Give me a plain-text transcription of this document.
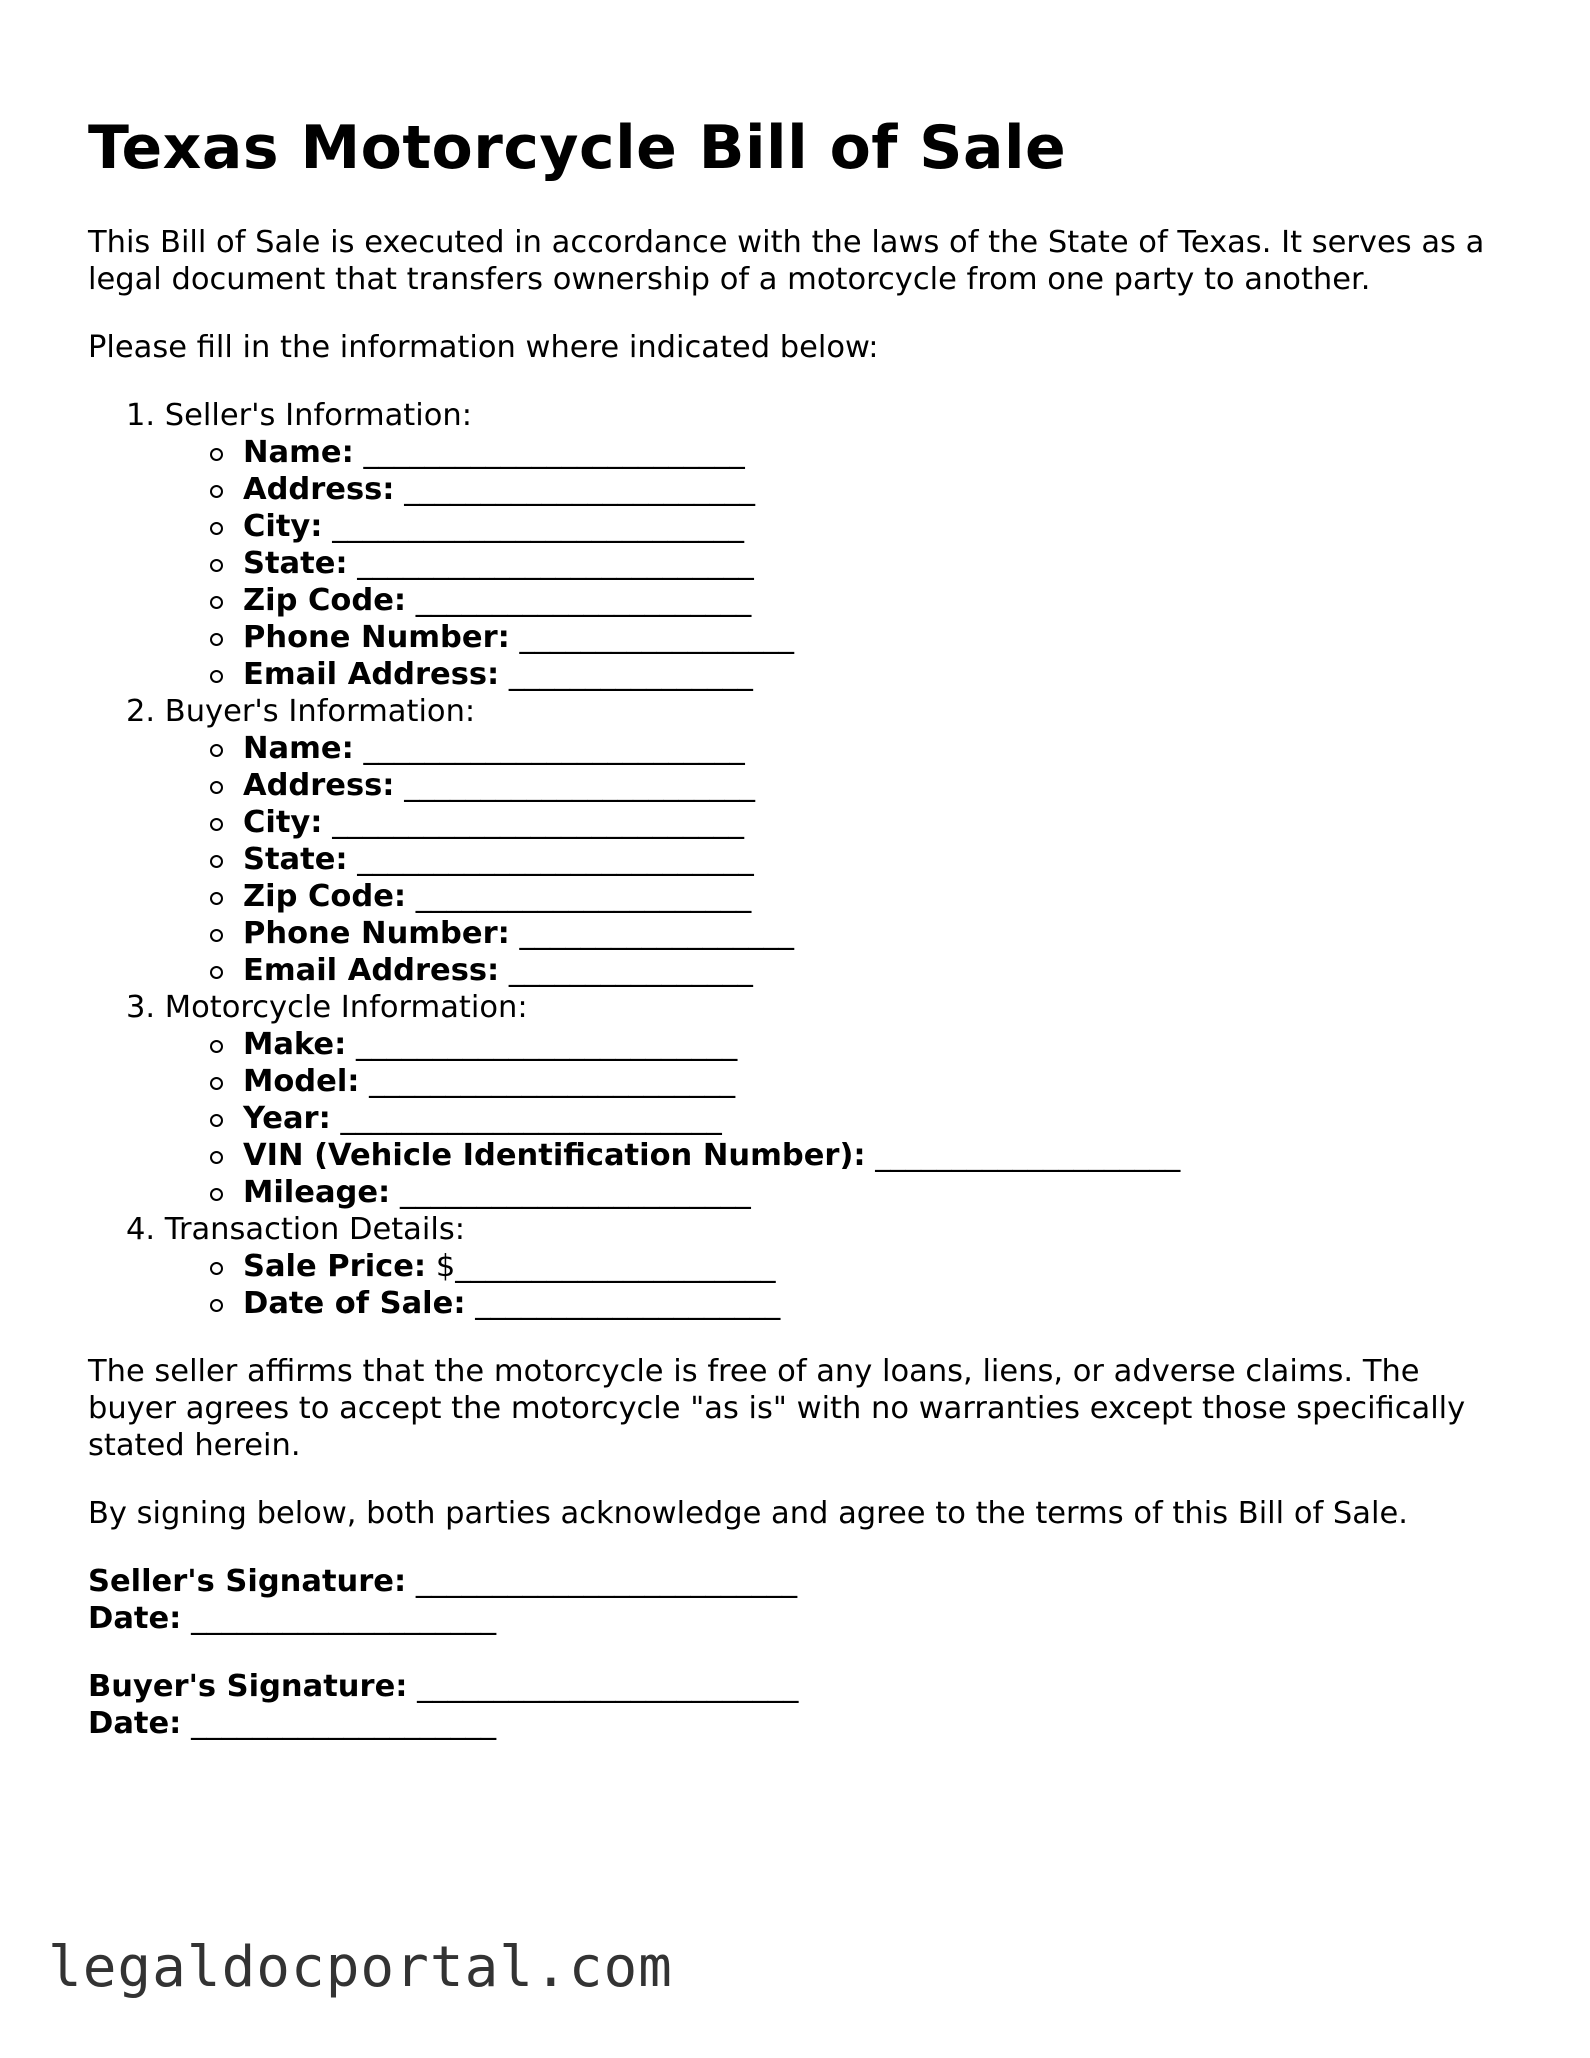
Texas Motorcycle Bill of Sale

This Bill of Sale is executed in accordance with the laws of the State of Texas. It serves as a legal document that transfers ownership of a motorcycle from one party to another.

Please fill in the information where indicated below:

1. Seller's Information:
Name: _________________________
Address: _______________________
City: ___________________________
State: __________________________
Zip Code: ______________________
Phone Number: __________________
Email Address: ________________
2. Buyer's Information:
Name: _________________________
Address: _______________________
City: ___________________________
State: __________________________
Zip Code: ______________________
Phone Number: __________________
Email Address: ________________
3. Motorcycle Information:
Make: _________________________
Model: ________________________
Year: _________________________
VIN (Vehicle Identification Number): ____________________
Mileage: _______________________
4. Transaction Details:
Sale Price: $_____________________
Date of Sale: ____________________

The seller affirms that the motorcycle is free of any loans, liens, or adverse claims. The buyer agrees to accept the motorcycle "as is" with no warranties except those specifically stated herein.

By signing below, both parties acknowledge and agree to the terms of this Bill of Sale.

Seller's Signature: _________________________
Date: ____________________
Buyer's Signature: _________________________
Date: ____________________
legaldocportal.com
